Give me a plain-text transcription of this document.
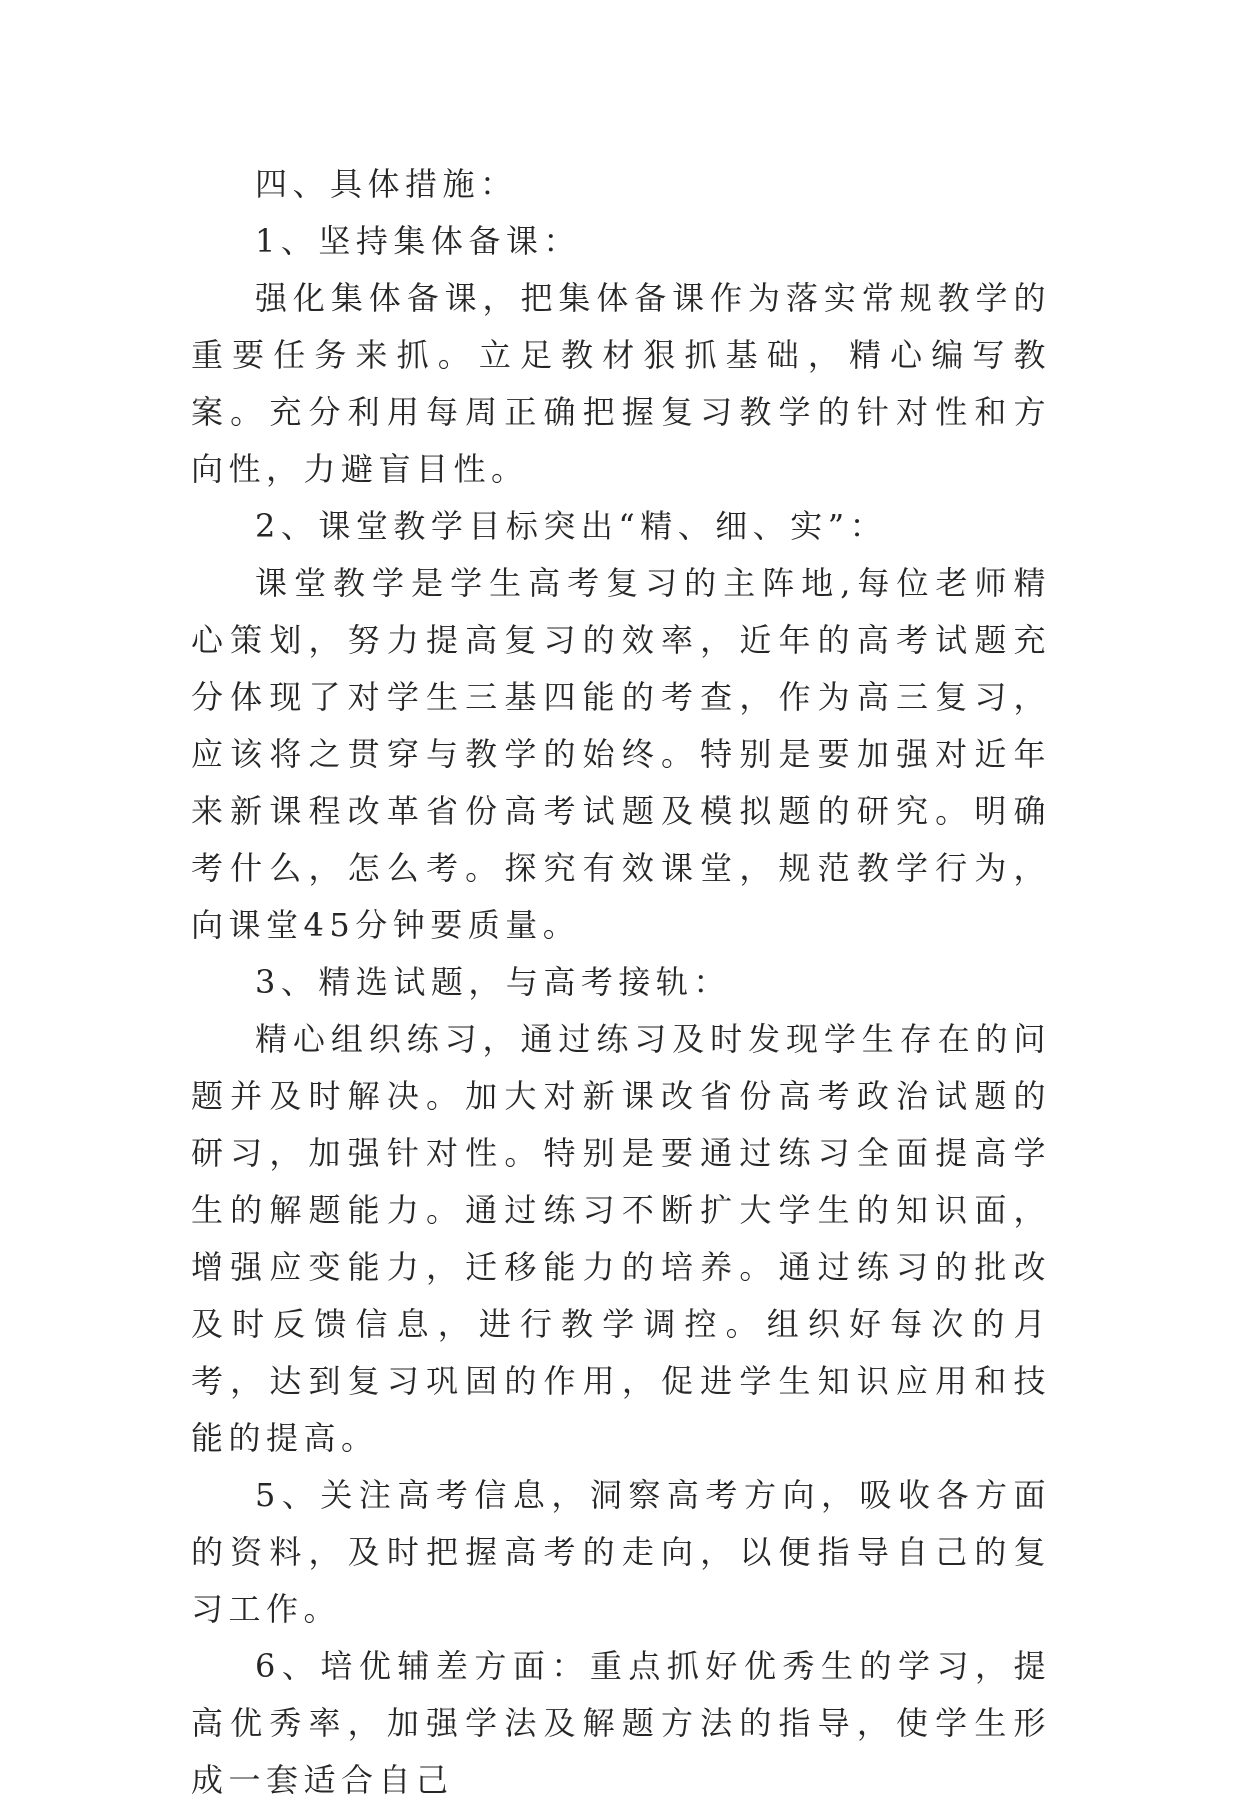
四、具体措施：

1、坚持集体备课：

强化集体备课，把集体备课作为落实常规教学的重要任务来抓。立足教材狠抓基础，精心编写教案。充分利用每周正确把握复习教学的针对性和方向性，力避盲目性。

2、课堂教学目标突出“精、细、实”：

课堂教学是学生高考复习的主阵地,每位老师精心策划，努力提高复习的效率，近年的高考试题充分体现了对学生三基四能的考查，作为高三复习，应该将之贯穿与教学的始终。特别是要加强对近年来新课程改革省份高考试题及模拟题的研究。明确考什么，怎么考。探究有效课堂，规范教学行为，向课堂45分钟要质量。

3、精选试题，与高考接轨：

精心组织练习，通过练习及时发现学生存在的问题并及时解决。加大对新课改省份高考政治试题的研习，加强针对性。特别是要通过练习全面提高学生的解题能力。通过练习不断扩大学生的知识面，增强应变能力，迁移能力的培养。通过练习的批改及时反馈信息，进行教学调控。组织好每次的月考，达到复习巩固的作用，促进学生知识应用和技能的提高。

5、关注高考信息，洞察高考方向，吸收各方面的资料，及时把握高考的走向，以便指导自己的复习工作。

6、培优辅差方面：重点抓好优秀生的学习，提高优秀率，加强学法及解题方法的指导，使学生形成一套适合自己
